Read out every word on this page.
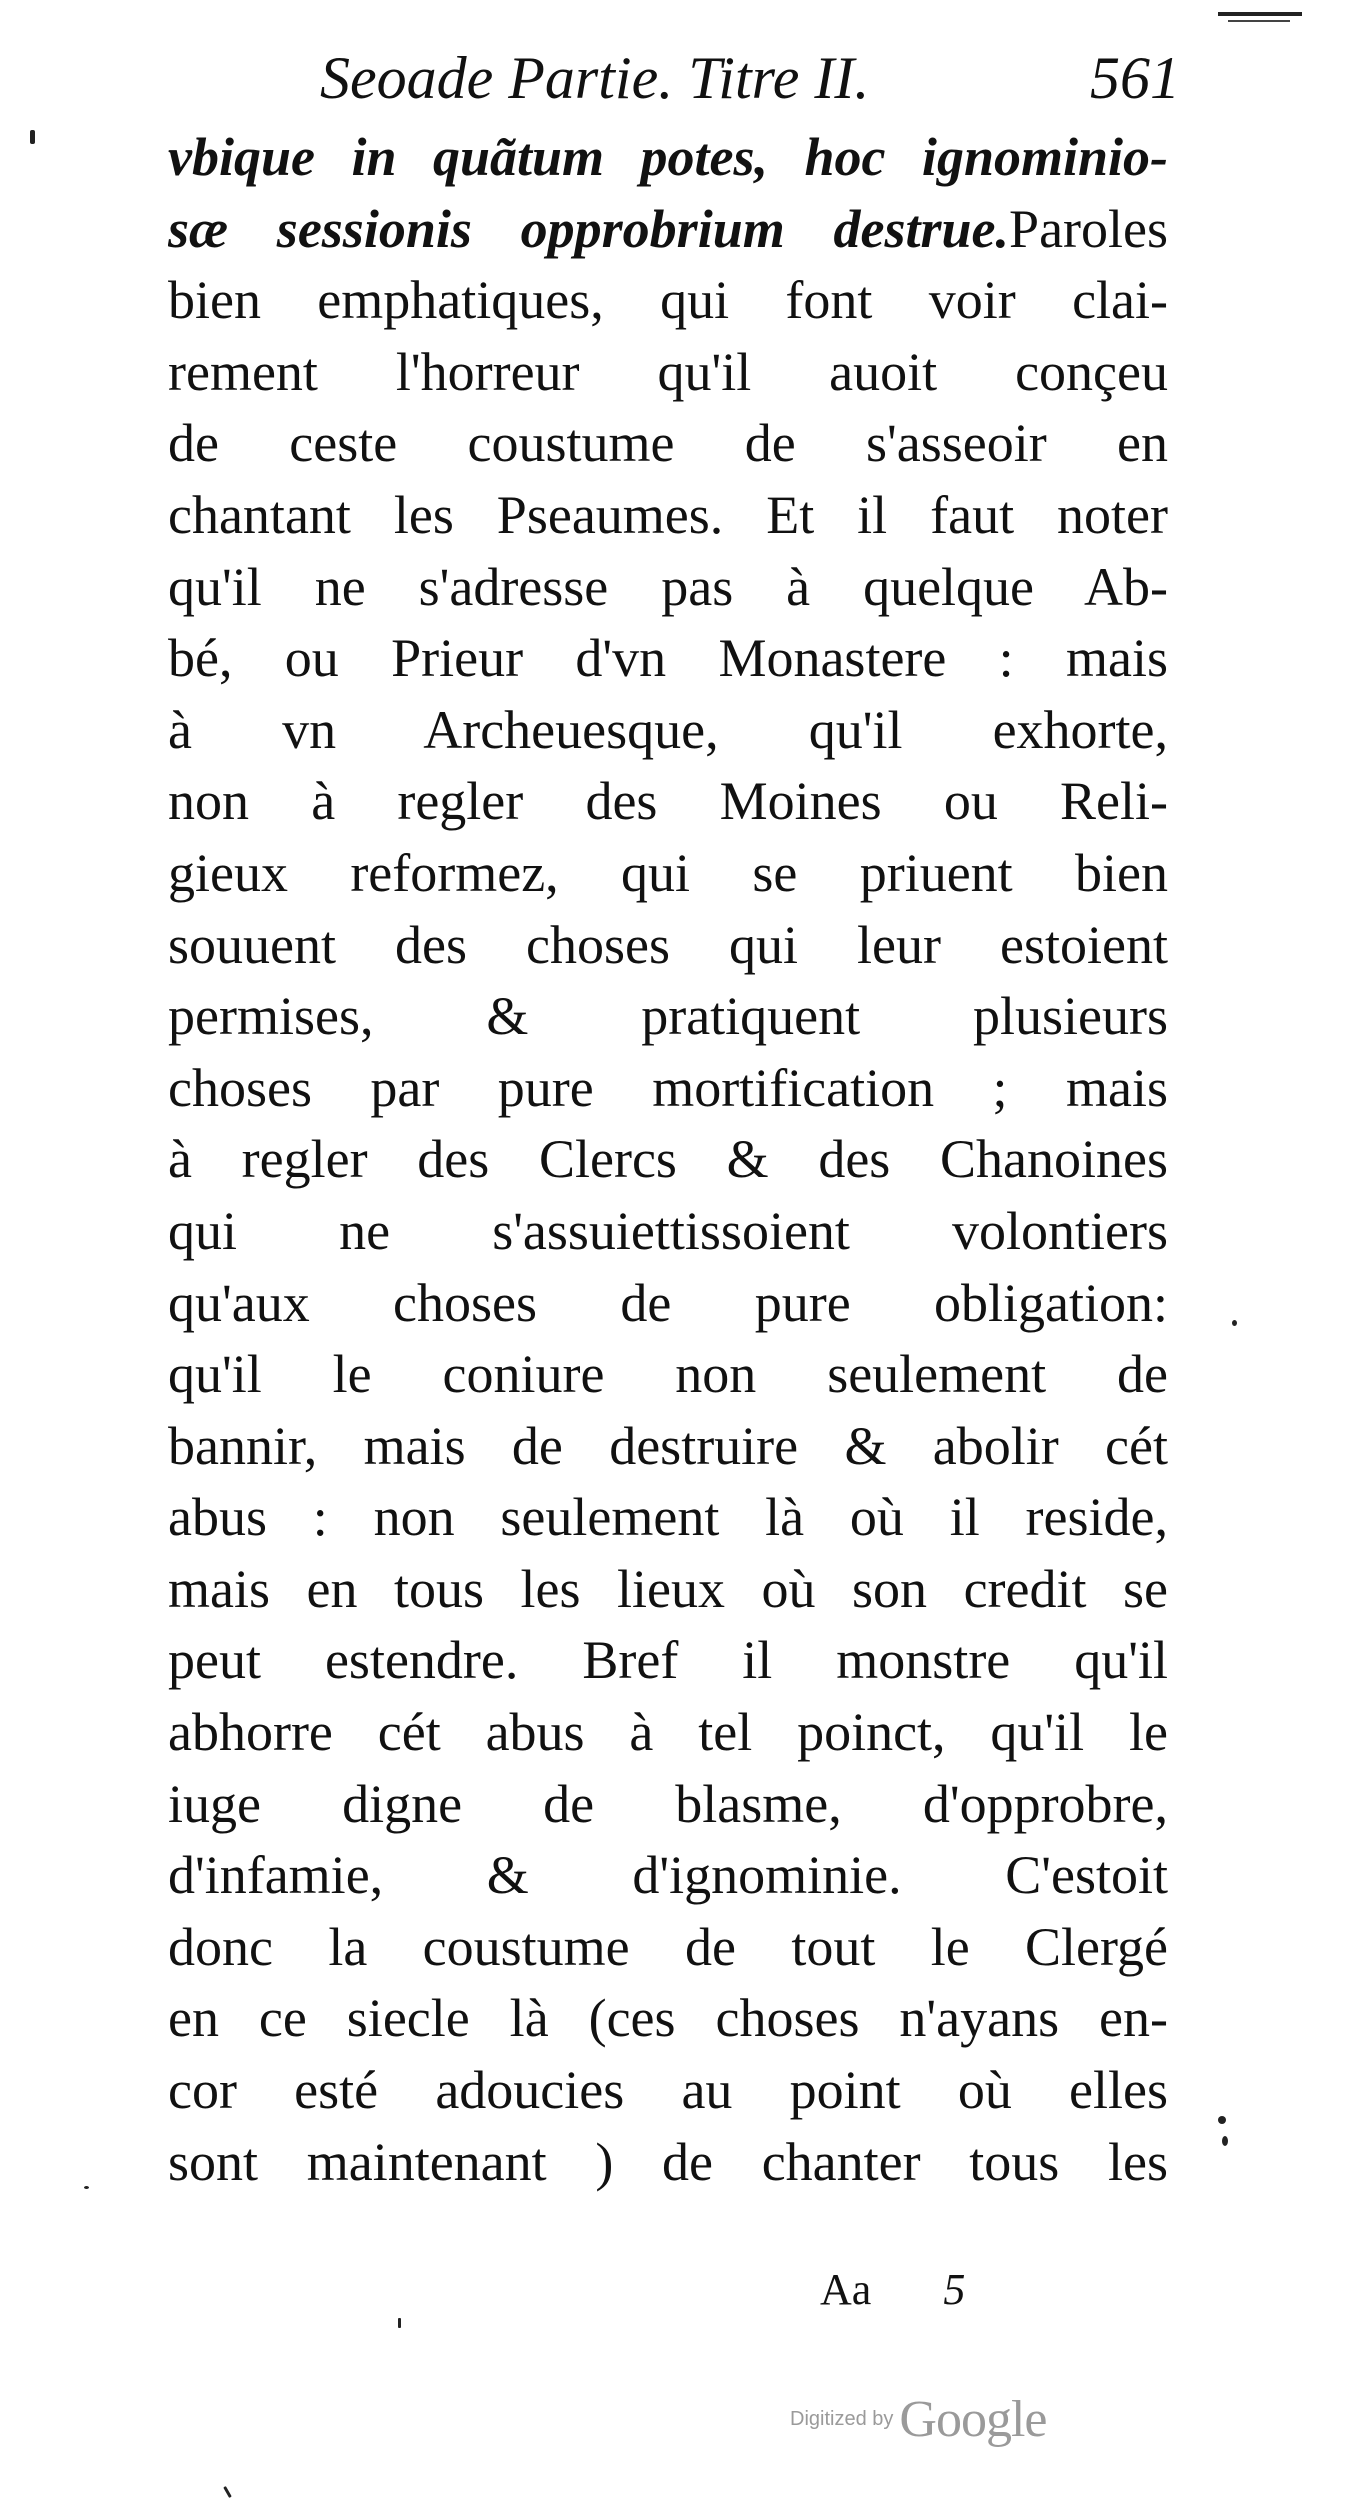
Seoade Partie. Titre II.	561
vbique in quãtum potes, hoc ignominio-
sæ sessionis opprobrium destrue.Paroles
bien emphatiques, qui font voir clai-
rement l'horreur qu'il auoit conçeu
de ceste coustume de s'asseoir en
chantant les Pseaumes. Et il faut noter
qu'il ne s'adresse pas à quelque Ab-
bé, ou Prieur d'vn Monastere : mais
à vn Archeuesque, qu'il exhorte,
non à regler des Moines ou Reli-
gieux reformez, qui se priuent bien
souuent des choses qui leur estoient
permises, & pratiquent plusieurs
choses par pure mortification ; mais
à regler des Clercs & des Chanoines
qui ne s'assuiettissoient volontiers
qu'aux choses de pure obligation:
qu'il le coniure non seulement de
bannir, mais de destruire & abolir cét
abus : non seulement là où il reside,
mais en tous les lieux où son credit se
peut estendre. Bref il monstre qu'il
abhorre cét abus à tel poinct, qu'il le
iuge digne de blasme, d'opprobre,
d'infamie, & d'ignominie. C'estoit
donc la coustume de tout le Clergé
en ce siecle là (ces choses n'ayans en-
cor esté adoucies au point où elles
sont maintenant ) de chanter tous les
Aa 5
Digitized by Google
